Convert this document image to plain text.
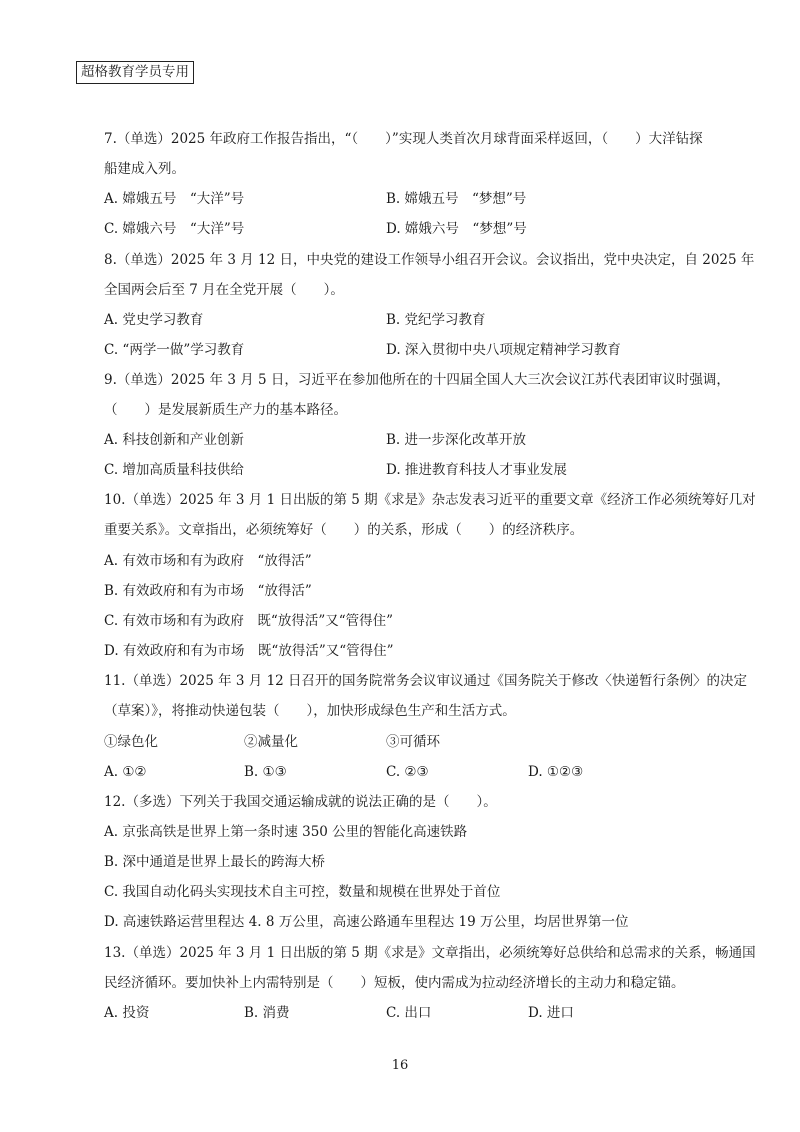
超格教育学员专用
7.（单选）2025 年政府工作报告指出，“（　　）”实现人类首次月球背面采样返回，（　　）大洋钻探
船建成入列。
A. 嫦娥五号　“大洋”号	B. 嫦娥五号　“梦想”号
C. 嫦娥六号　“大洋”号	D. 嫦娥六号　“梦想”号
8.（单选）2025 年 3 月 12 日，中央党的建设工作领导小组召开会议。会议指出，党中央决定，自 2025 年
全国两会后至 7 月在全党开展（　　）。
A. 党史学习教育	B. 党纪学习教育
C. “两学一做”学习教育	D. 深入贯彻中央八项规定精神学习教育
9.（单选）2025 年 3 月 5 日，习近平在参加他所在的十四届全国人大三次会议江苏代表团审议时强调，
（　　）是发展新质生产力的基本路径。
A. 科技创新和产业创新	B. 进一步深化改革开放
C. 增加高质量科技供给	D. 推进教育科技人才事业发展
10.（单选）2025 年 3 月 1 日出版的第 5 期《求是》杂志发表习近平的重要文章《经济工作必须统筹好几对
重要关系》。文章指出，必须统筹好（　　）的关系，形成（　　）的经济秩序。
A. 有效市场和有为政府　“放得活”
B. 有效政府和有为市场　“放得活”
C. 有效市场和有为政府　既“放得活”又“管得住”
D. 有效政府和有为市场　既“放得活”又“管得住”
11.（单选）2025 年 3 月 12 日召开的国务院常务会议审议通过《国务院关于修改〈快递暂行条例〉的决定
（草案）》，将推动快递包装（　　），加快形成绿色生产和生活方式。
①绿色化	②减量化	③可循环
A. ①②	B. ①③	C. ②③	D. ①②③
12.（多选）下列关于我国交通运输成就的说法正确的是（　　）。
A. 京张高铁是世界上第一条时速 350 公里的智能化高速铁路
B. 深中通道是世界上最长的跨海大桥
C. 我国自动化码头实现技术自主可控，数量和规模在世界处于首位
D. 高速铁路运营里程达 4. 8 万公里，高速公路通车里程达 19 万公里，均居世界第一位
13.（单选）2025 年 3 月 1 日出版的第 5 期《求是》文章指出，必须统筹好总供给和总需求的关系，畅通国
民经济循环。要加快补上内需特别是（　　）短板，使内需成为拉动经济增长的主动力和稳定锚。
A. 投资	B. 消费	C. 出口	D. 进口
16
